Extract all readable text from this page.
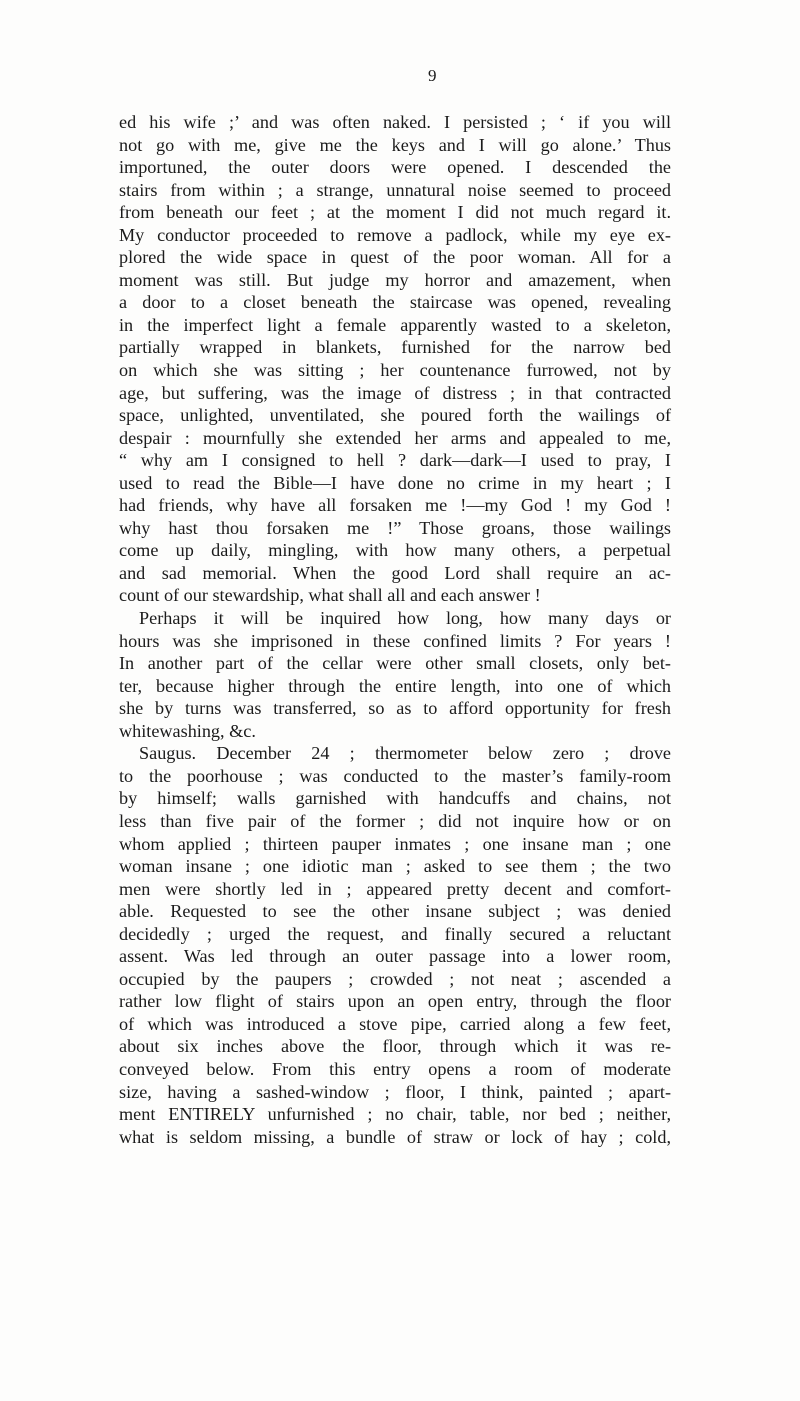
9
ed his wife ;’ and was often naked. I persisted ; ‘ if you will
not go with me, give me the keys and I will go alone.’ Thus
importuned, the outer doors were opened. I descended the
stairs from within ; a strange, unnatural noise seemed to proceed
from beneath our feet ; at the moment I did not much regard it.
My conductor proceeded to remove a padlock, while my eye ex-
plored the wide space in quest of the poor woman. All for a
moment was still. But judge my horror and amazement, when
a door to a closet beneath the staircase was opened, revealing
in the imperfect light a female apparently wasted to a skeleton,
partially wrapped in blankets, furnished for the narrow bed
on which she was sitting ; her countenance furrowed, not by
age, but suffering, was the image of distress ; in that contracted
space, unlighted, unventilated, she poured forth the wailings of
despair : mournfully she extended her arms and appealed to me,
“ why am I consigned to hell ? dark—dark—I used to pray, I
used to read the Bible—I have done no crime in my heart ; I
had friends, why have all forsaken me !—my God ! my God !
why hast thou forsaken me !” Those groans, those wailings
come up daily, mingling, with how many others, a perpetual
and sad memorial. When the good Lord shall require an ac-
count of our stewardship, what shall all and each answer !
Perhaps it will be inquired how long, how many days or
hours was she imprisoned in these confined limits ? For years !
In another part of the cellar were other small closets, only bet-
ter, because higher through the entire length, into one of which
she by turns was transferred, so as to afford opportunity for fresh
whitewashing, &c.
Saugus. December 24 ; thermometer below zero ; drove
to the poorhouse ; was conducted to the master’s family-room
by himself; walls garnished with handcuffs and chains, not
less than five pair of the former ; did not inquire how or on
whom applied ; thirteen pauper inmates ; one insane man ; one
woman insane ; one idiotic man ; asked to see them ; the two
men were shortly led in ; appeared pretty decent and comfort-
able. Requested to see the other insane subject ; was denied
decidedly ; urged the request, and finally secured a reluctant
assent. Was led through an outer passage into a lower room,
occupied by the paupers ; crowded ; not neat ; ascended a
rather low flight of stairs upon an open entry, through the floor
of which was introduced a stove pipe, carried along a few feet,
about six inches above the floor, through which it was re-
conveyed below. From this entry opens a room of moderate
size, having a sashed-window ; floor, I think, painted ; apart-
ment ENTIRELY unfurnished ; no chair, table, nor bed ; neither,
what is seldom missing, a bundle of straw or lock of hay ; cold,
